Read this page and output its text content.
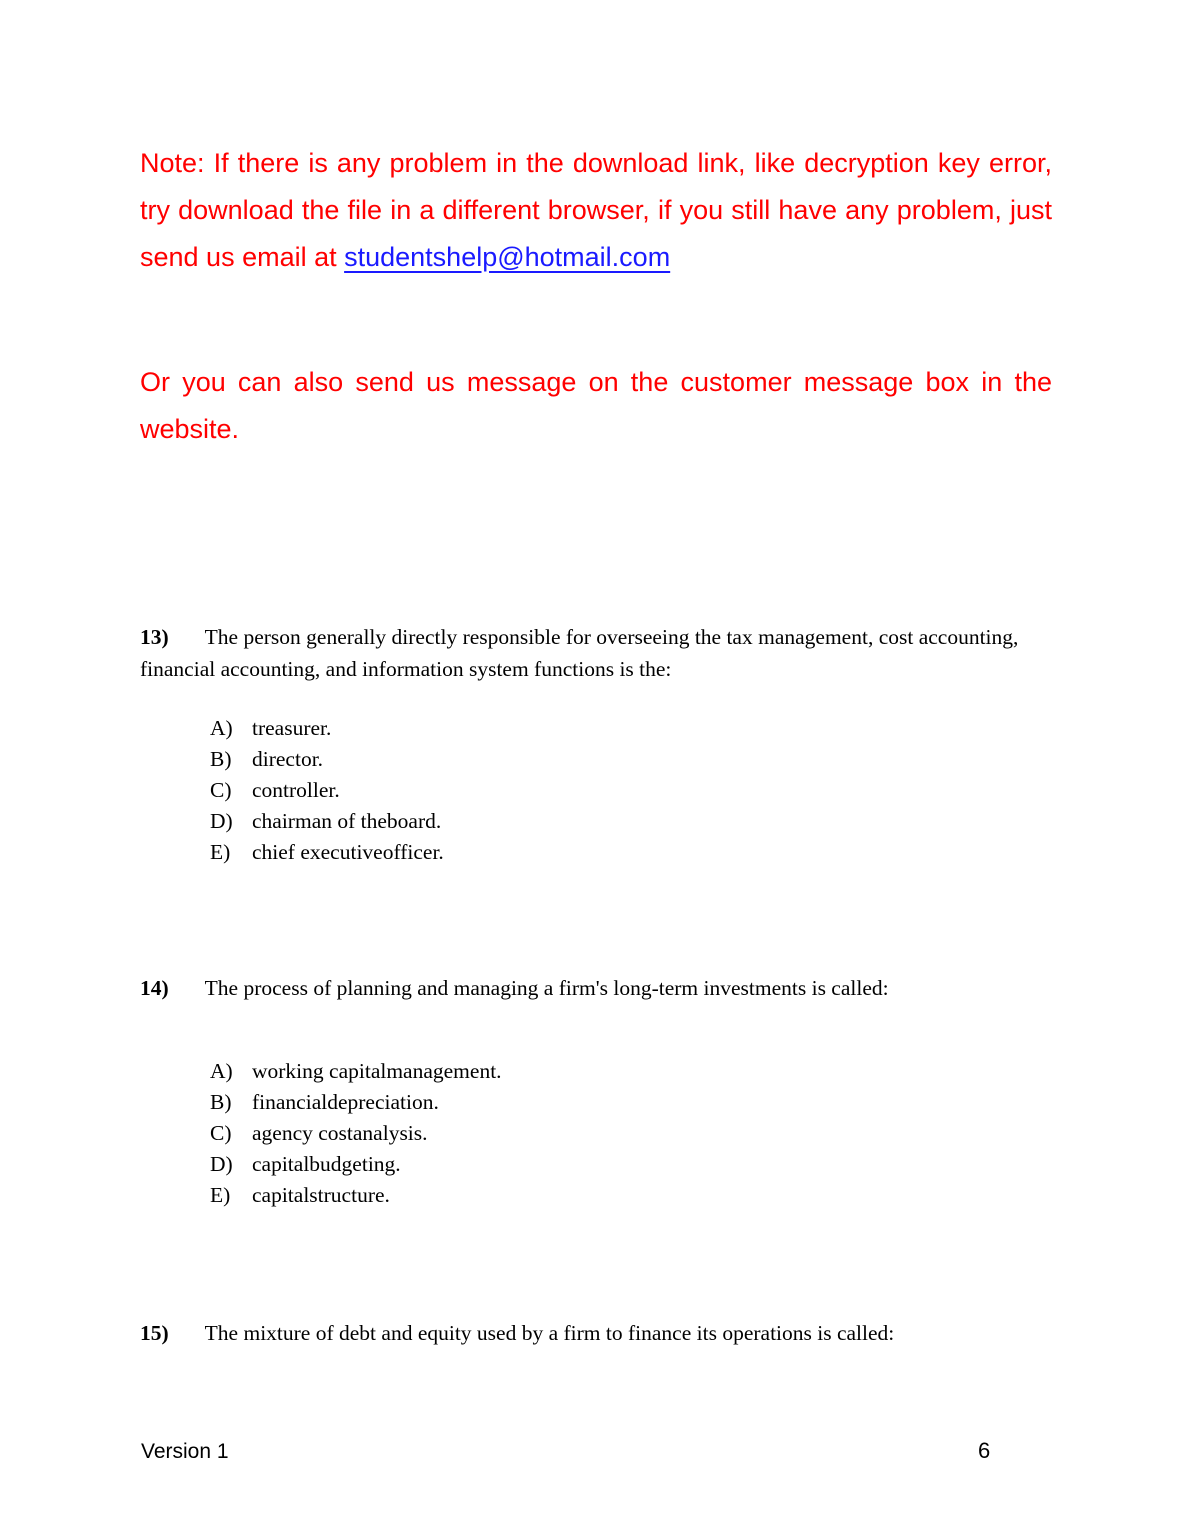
Note: If there is any problem in the download link, like decryption key error, try download the file in a different browser, if you still have any problem, just send us email at studentshelp@hotmail.com

Or you can also send us message on the customer message box in the website.

13) The person generally directly responsible for overseeing the tax management, cost accounting, financial accounting, and information system functions is the:

A) treasurer.
B) director.
C) controller.
D) chairman of theboard.
E) chief executiveofficer.

14) The process of planning and managing a firm's long-term investments is called:

A) working capitalmanagement.
B) financialdepreciation.
C) agency costanalysis.
D) capitalbudgeting.
E) capitalstructure.

15) The mixture of debt and equity used by a firm to finance its operations is called:

Version 1	6
